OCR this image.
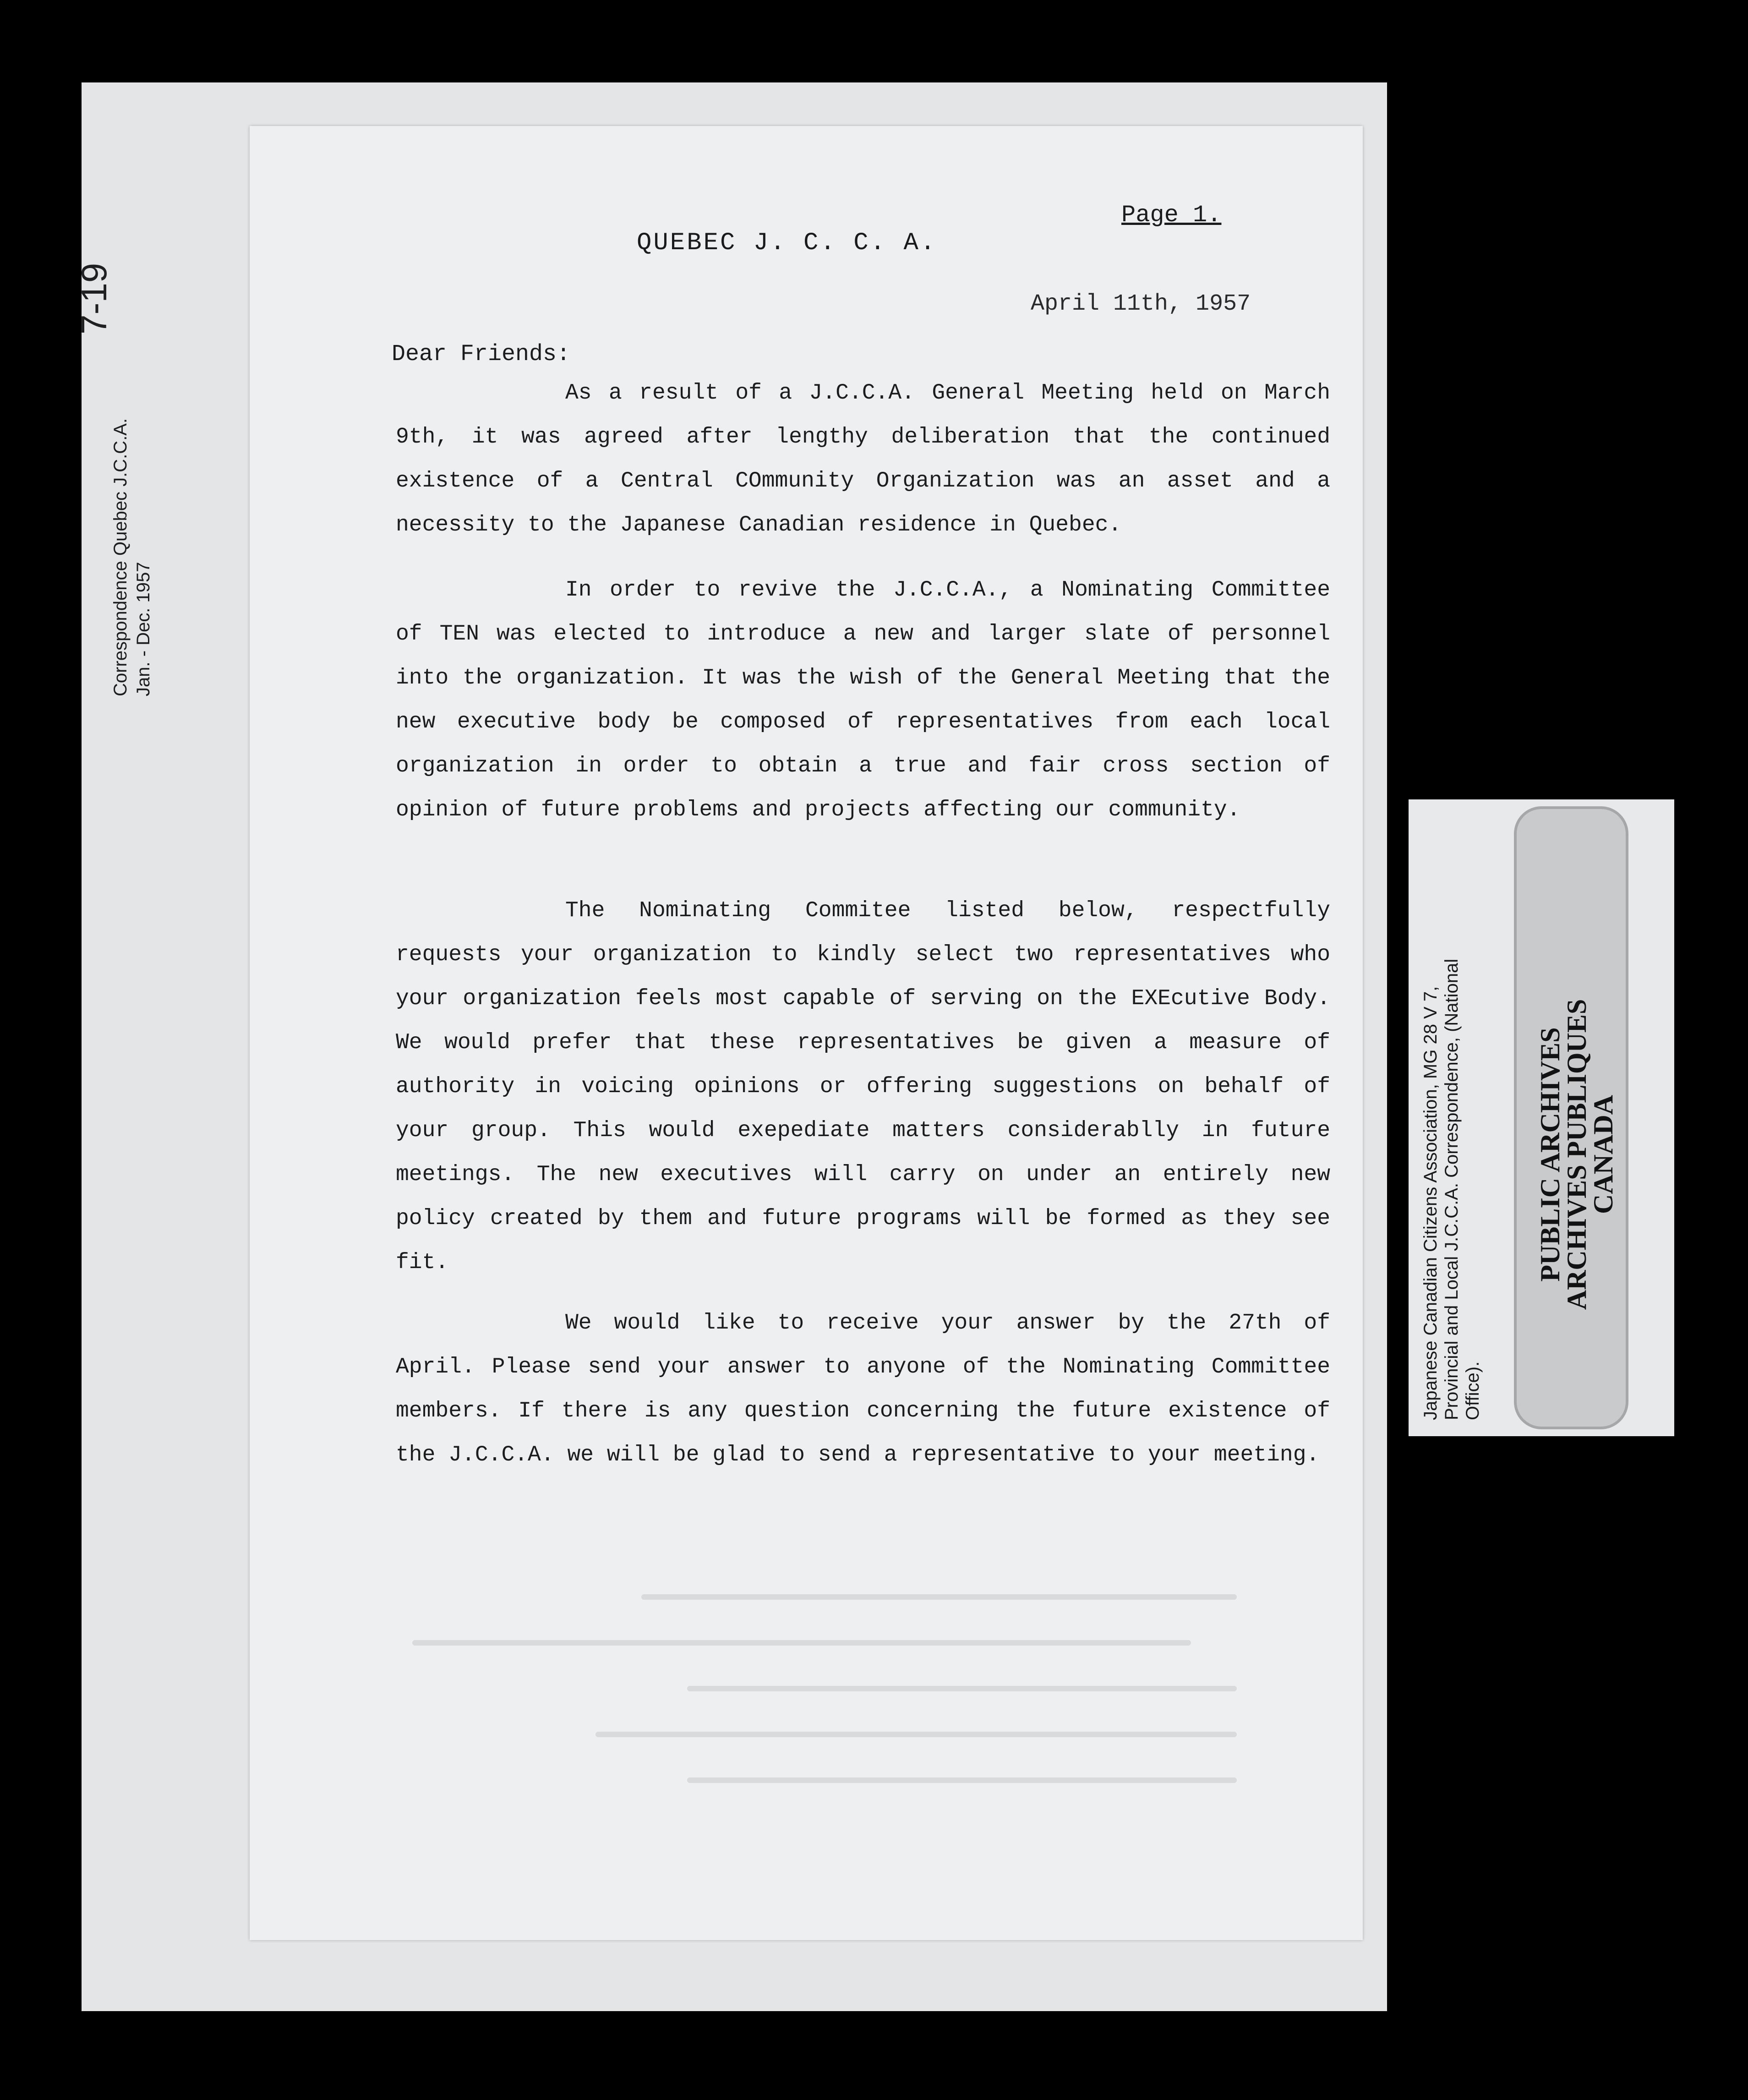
Correspondence Quebec J.C.C.A. Jan. - Dec. 1957
7-19
Page 1.
QUEBEC J. C. C. A.
April 11th, 1957
Dear Friends:

As a result of a J.C.C.A. General Meeting held on March 9th, it was agreed after lengthy deliberation that the continued existence of a Central COmmunity Organization was an asset and a necessity to the Japanese Canadian residence in Quebec.

In order to revive the J.C.C.A., a Nominating Committee of TEN was elected to introduce a new and larger slate of personnel into the organization. It was the wish of the General Meeting that the new executive body be composed of representatives from each local organization in order to obtain a true and fair cross section of opinion of future problems and projects affecting our community.

The Nominating Commitee listed below, respectfully requests your organization to kindly select two representatives who your organization feels most capable of serving on the EXEcutive Body. We would prefer that these representatives be given a measure of authority in voicing opinions or offering suggestions on behalf of your group. This would exepediate matters considerablly in future meetings. The new executives will carry on under an entirely new policy created by them and future programs will be formed as they see fit.

We would like to receive your answer by the 27th of April. Please send your answer to anyone of the Nominating Committee members. If there is any question concerning the future existence of the J.C.C.A. we will be glad to send a representative to your meeting.

Japanese Canadian Citizens Association, MG 28 V 7, Provincial and Local J.C.C.A. Correspondence, (National Office).
PUBLIC ARCHIVES
ARCHIVES PUBLIQUES
CANADA
